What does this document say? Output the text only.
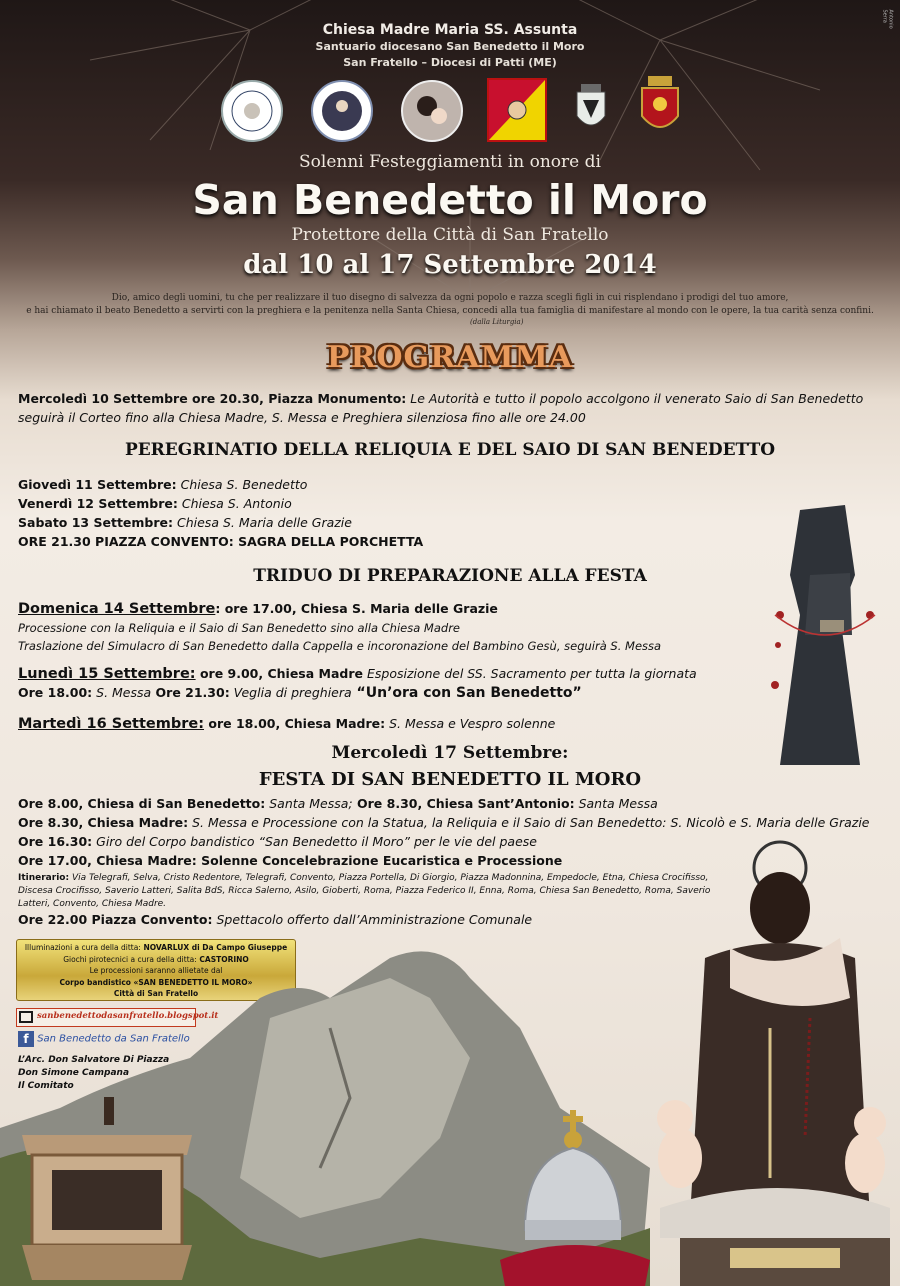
Antonio Serra
Chiesa Madre Maria SS. Assunta
Santuario diocesano San Benedetto il Moro
San Fratello – Diocesi di Patti (ME)
Solenni Festeggiamenti in onore di
San Benedetto il Moro
Protettore della Città di San Fratello
dal 10 al 17 Settembre 2014
Dio, amico degli uomini, tu che per realizzare il tuo disegno di salvezza da ogni popolo e razza scegli figli in cui risplendano i prodigi del tuo amore,
e hai chiamato il beato Benedetto a servirti con la preghiera e la penitenza nella Santa Chiesa, concedi alla tua famiglia di manifestare al mondo con le opere, la tua carità senza confini.
(dalla Liturgia)
PROGRAMMA
Mercoledì 10 Settembre ore 20.30, Piazza Monumento: Le Autorità e tutto il popolo accolgono il venerato Saio di San Benedetto seguirà il Corteo fino alla Chiesa Madre, S. Messa e Preghiera silenziosa fino alle ore 24.00
PEREGRINATIO DELLA RELIQUIA E DEL SAIO DI SAN BENEDETTO
Giovedì 11 Settembre: Chiesa S. Benedetto
Venerdì 12 Settembre: Chiesa S. Antonio
Sabato 13 Settembre: Chiesa S. Maria delle Grazie
ORE 21.30 PIAZZA CONVENTO: SAGRA DELLA PORCHETTA
TRIDUO DI PREPARAZIONE ALLA FESTA
Domenica 14 Settembre: ore 17.00, Chiesa S. Maria delle Grazie
Processione con la Reliquia e il Saio di San Benedetto sino alla Chiesa Madre
Traslazione del Simulacro di San Benedetto dalla Cappella e incoronazione del Bambino Gesù, seguirà S. Messa
Lunedì 15 Settembre: ore 9.00, Chiesa Madre Esposizione del SS. Sacramento per tutta la giornata
Ore 18.00: S. Messa Ore 21.30: Veglia di preghiera “Un’ora con San Benedetto”
Martedì 16 Settembre: ore 18.00, Chiesa Madre: S. Messa e Vespro solenne
Mercoledì 17 Settembre:
FESTA DI SAN BENEDETTO IL MORO
Ore 8.00, Chiesa di San Benedetto: Santa Messa; Ore 8.30, Chiesa Sant’Antonio: Santa Messa
Ore 8.30, Chiesa Madre: S. Messa e Processione con la Statua, la Reliquia e il Saio di San Benedetto: S. Nicolò e S. Maria delle Grazie
Ore 16.30: Giro del Corpo bandistico “San Benedetto il Moro” per le vie del paese
Ore 17.00, Chiesa Madre: Solenne Concelebrazione Eucaristica e Processione
Itinerario: Via Telegrafi, Selva, Cristo Redentore, Telegrafi, Convento, Piazza Portella, Di Giorgio, Piazza Madonnina, Empedocle, Etna, Chiesa Crocifisso, Discesa Crocifisso, Saverio Latteri, Salita BdS, Ricca Salerno, Asilo, Gioberti, Roma, Piazza Federico II, Enna, Roma, Chiesa San Benedetto, Roma, Saverio Latteri, Convento, Chiesa Madre.
Ore 22.00 Piazza Convento: Spettacolo offerto dall’Amministrazione Comunale
Illuminazioni a cura della ditta: NOVARLUX di Da Campo Giuseppe
Giochi pirotecnici a cura della ditta: CASTORINO
Le processioni saranno allietate dal
Corpo bandistico «SAN BENEDETTO IL MORO»
Città di San Fratello
sanbenedettodasanfratello.blogspot.it
f San Benedetto da San Fratello
L’Arc. Don Salvatore Di Piazza
Don Simone Campana
Il Comitato
